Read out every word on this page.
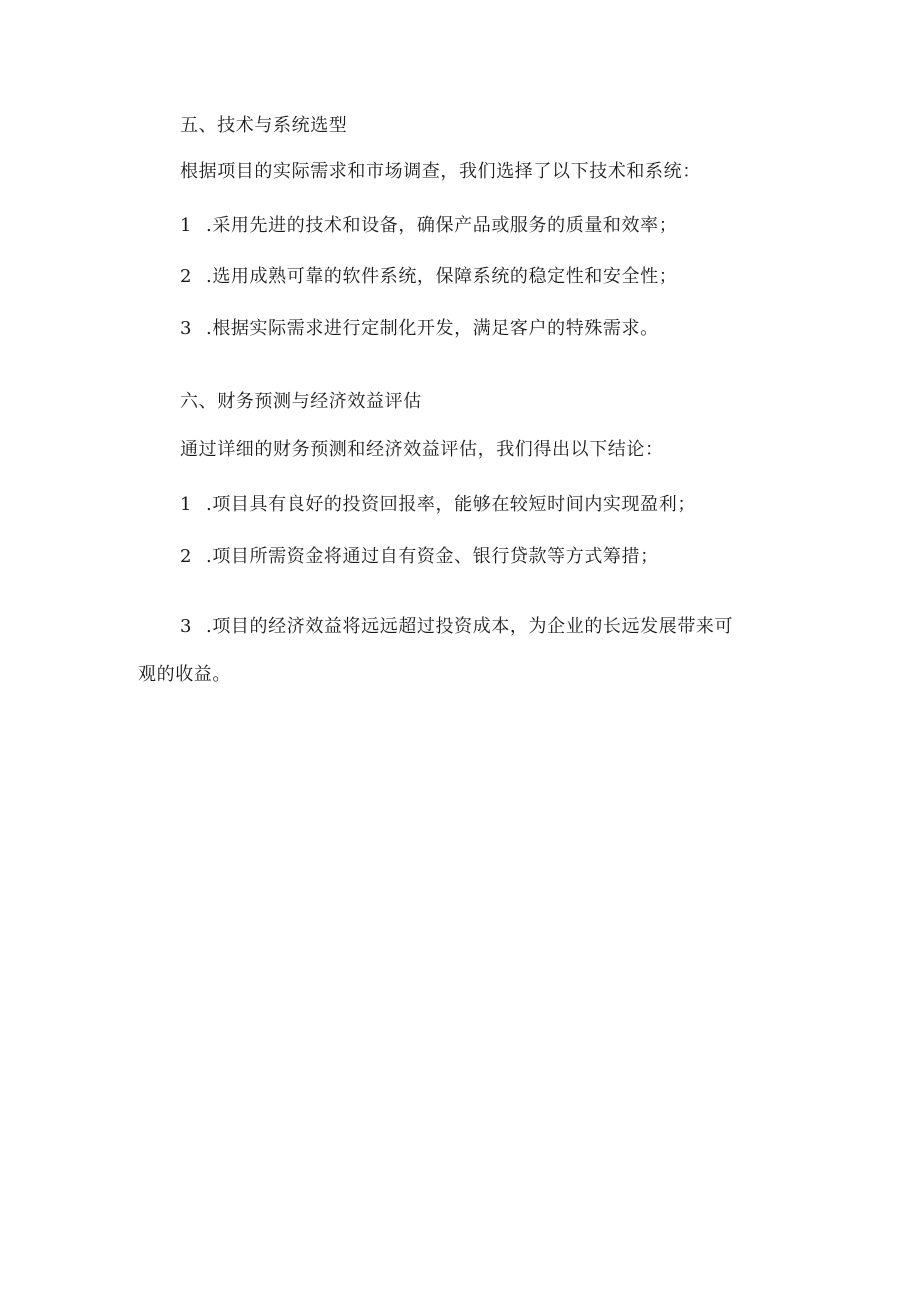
五、技术与系统选型

根据项目的实际需求和市场调查，我们选择了以下技术和系统：

1 .采用先进的技术和设备，确保产品或服务的质量和效率；

2 .选用成熟可靠的软件系统，保障系统的稳定性和安全性；

3 .根据实际需求进行定制化开发，满足客户的特殊需求。

六、财务预测与经济效益评估

通过详细的财务预测和经济效益评估，我们得出以下结论：

1 .项目具有良好的投资回报率，能够在较短时间内实现盈利；

2 .项目所需资金将通过自有资金、银行贷款等方式筹措；

3 .项目的经济效益将远远超过投资成本，为企业的长远发展带来可

观的收益。
